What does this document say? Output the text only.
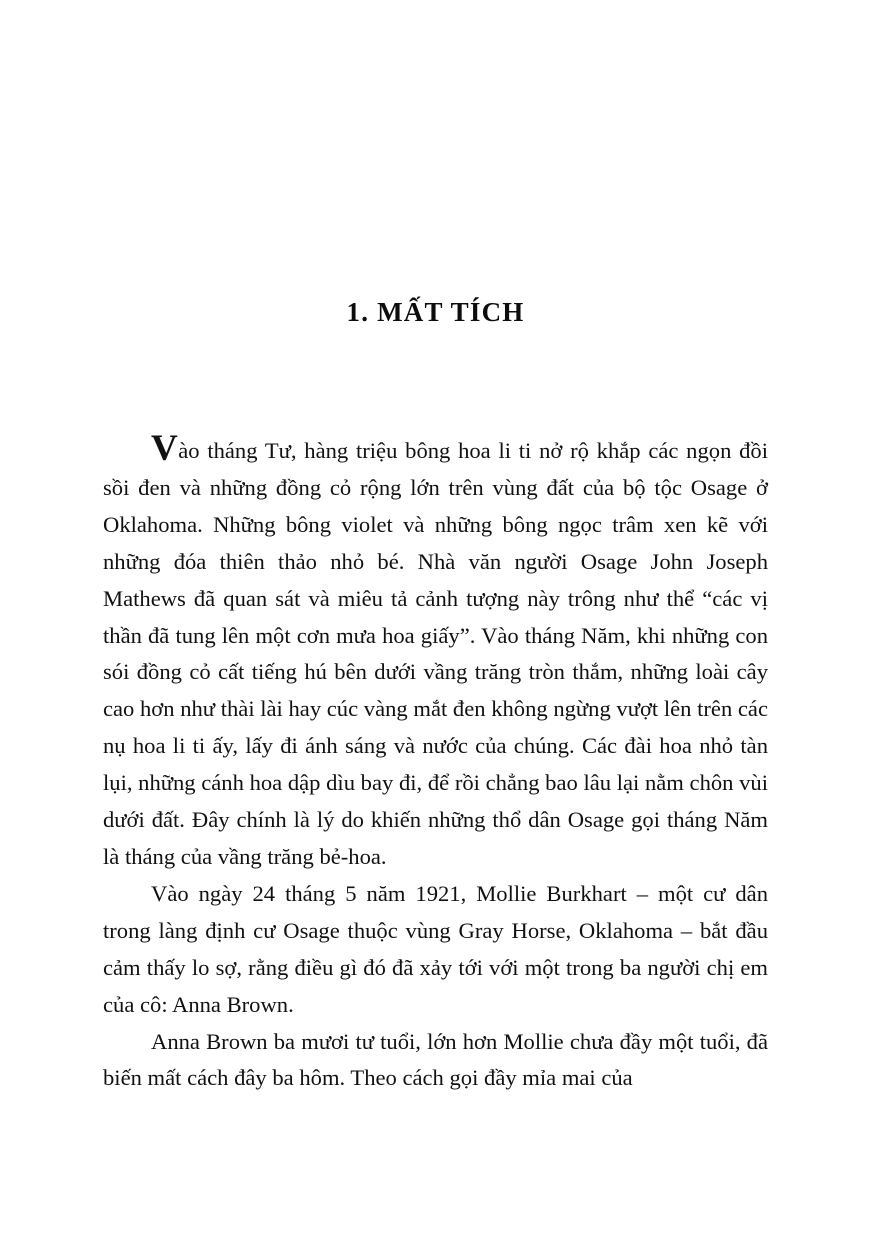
1. MẤT TÍCH

Vào tháng Tư, hàng triệu bông hoa li ti nở rộ khắp các ngọn đồi sồi đen và những đồng cỏ rộng lớn trên vùng đất của bộ tộc Osage ở Oklahoma. Những bông violet và những bông ngọc trâm xen kẽ với những đóa thiên thảo nhỏ bé. Nhà văn người Osage John Joseph Mathews đã quan sát và miêu tả cảnh tượng này trông như thể “các vị thần đã tung lên một cơn mưa hoa giấy”. Vào tháng Năm, khi những con sói đồng cỏ cất tiếng hú bên dưới vầng trăng tròn thắm, những loài cây cao hơn như thài lài hay cúc vàng mắt đen không ngừng vượt lên trên các nụ hoa li ti ấy, lấy đi ánh sáng và nước của chúng. Các đài hoa nhỏ tàn lụi, những cánh hoa dập dìu bay đi, để rồi chẳng bao lâu lại nằm chôn vùi dưới đất. Đây chính là lý do khiến những thổ dân Osage gọi tháng Năm là tháng của vầng trăng bẻ-hoa.

Vào ngày 24 tháng 5 năm 1921, Mollie Burkhart – một cư dân trong làng định cư Osage thuộc vùng Gray Horse, Oklahoma – bắt đầu cảm thấy lo sợ, rằng điều gì đó đã xảy tới với một trong ba người chị em của cô: Anna Brown.

Anna Brown ba mươi tư tuổi, lớn hơn Mollie chưa đầy một tuổi, đã biến mất cách đây ba hôm. Theo cách gọi đầy mỉa mai của
